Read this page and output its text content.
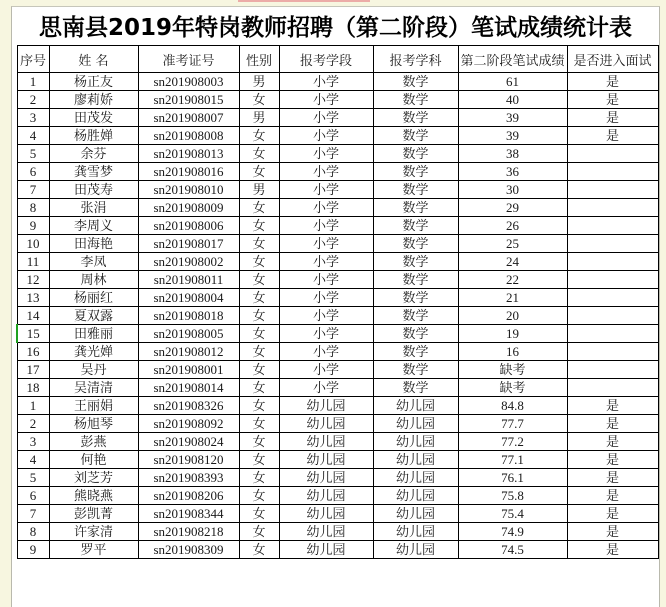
思南县2019年特岗教师招聘（第二阶段）笔试成绩统计表
序号	姓 名	准考证号	性别	报考学段	报考学科	第二阶段笔试成绩	是否进入面试
1	杨正友	sn201908003	男	小学	数学	61	是
2	廖莉娇	sn201908015	女	小学	数学	40	是
3	田茂发	sn201908007	男	小学	数学	39	是
4	杨胜婵	sn201908008	女	小学	数学	39	是
5	余芬	sn201908013	女	小学	数学	38	
6	龚雪梦	sn201908016	女	小学	数学	36	
7	田茂寿	sn201908010	男	小学	数学	30	
8	张涓	sn201908009	女	小学	数学	29	
9	李周义	sn201908006	女	小学	数学	26	
10	田海艳	sn201908017	女	小学	数学	25	
11	李凤	sn201908002	女	小学	数学	24	
12	周林	sn201908011	女	小学	数学	22	
13	杨丽红	sn201908004	女	小学	数学	21	
14	夏双露	sn201908018	女	小学	数学	20	
15	田雅丽	sn201908005	女	小学	数学	19	
16	龚光婵	sn201908012	女	小学	数学	16	
17	吴丹	sn201908001	女	小学	数学	缺考	
18	吴清清	sn201908014	女	小学	数学	缺考	
1	王丽娟	sn201908326	女	幼儿园	幼儿园	84.8	是
2	杨旭琴	sn201908092	女	幼儿园	幼儿园	77.7	是
3	彭燕	sn201908024	女	幼儿园	幼儿园	77.2	是
4	何艳	sn201908120	女	幼儿园	幼儿园	77.1	是
5	刘芝芳	sn201908393	女	幼儿园	幼儿园	76.1	是
6	熊晓燕	sn201908206	女	幼儿园	幼儿园	75.8	是
7	彭凯菁	sn201908344	女	幼儿园	幼儿园	75.4	是
8	许家清	sn201908218	女	幼儿园	幼儿园	74.9	是
9	罗平	sn201908309	女	幼儿园	幼儿园	74.5	是
